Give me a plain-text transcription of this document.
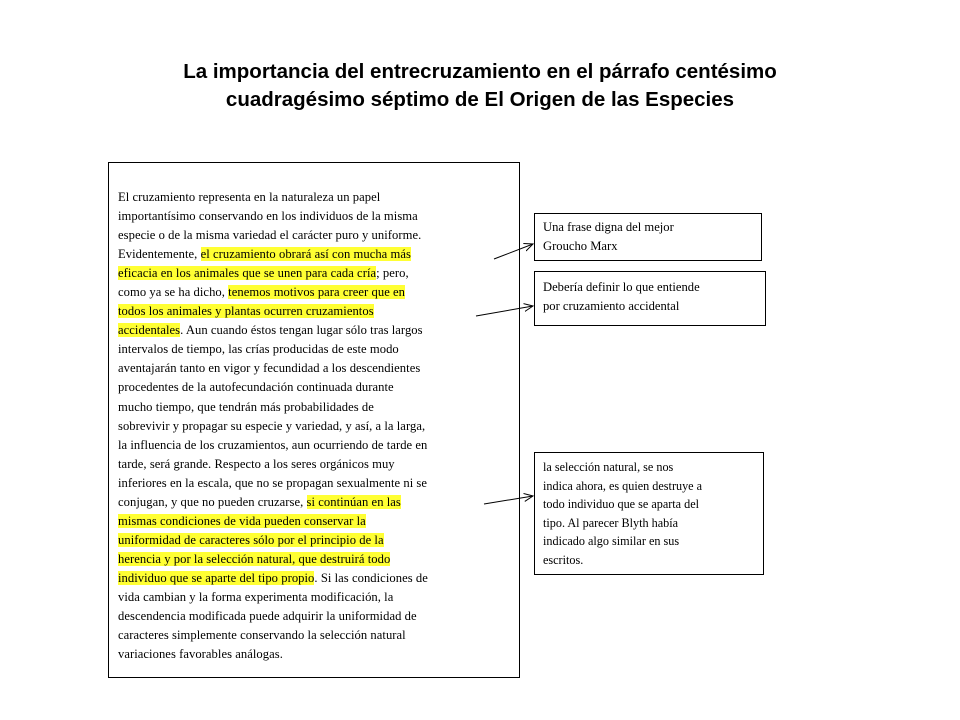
La importancia del entrecruzamiento en el párrafo centésimo
cuadragésimo séptimo de El Origen de las Especies
El cruzamiento representa en la naturaleza un papel
importantísimo conservando en los individuos de la misma
especie o de la misma variedad el carácter puro y uniforme.
Evidentemente, el cruzamiento obrará así con mucha más
eficacia en los animales que se unen para cada cría; pero,
como ya se ha dicho, tenemos motivos para creer que en
todos los animales y plantas ocurren cruzamientos
accidentales. Aun cuando éstos tengan lugar sólo tras largos
intervalos de tiempo, las crías producidas de este modo
aventajarán tanto en vigor y fecundidad a los descendientes
procedentes de la autofecundación continuada durante
mucho tiempo, que tendrán más probabilidades de
sobrevivir y propagar su especie y variedad, y así, a la larga,
la influencia de los cruzamientos, aun ocurriendo de tarde en
tarde, será grande. Respecto a los seres orgánicos muy
inferiores en la escala, que no se propagan sexualmente ni se
conjugan, y que no pueden cruzarse, si continúan en las
mismas condiciones de vida pueden conservar la
uniformidad de caracteres sólo por el principio de la
herencia y por la selección natural, que destruirá todo
individuo que se aparte del tipo propio. Si las condiciones de
vida cambian y la forma experimenta modificación, la
descendencia modificada puede adquirir la uniformidad de
caracteres simplemente conservando la selección natural
variaciones favorables análogas.
Una frase digna del mejor
Groucho Marx
Debería definir lo que entiende
por cruzamiento accidental
la selección natural, se nos
indica ahora, es quien destruye a
todo individuo que se aparta del
tipo. Al parecer Blyth había
indicado algo similar en sus
escritos.
